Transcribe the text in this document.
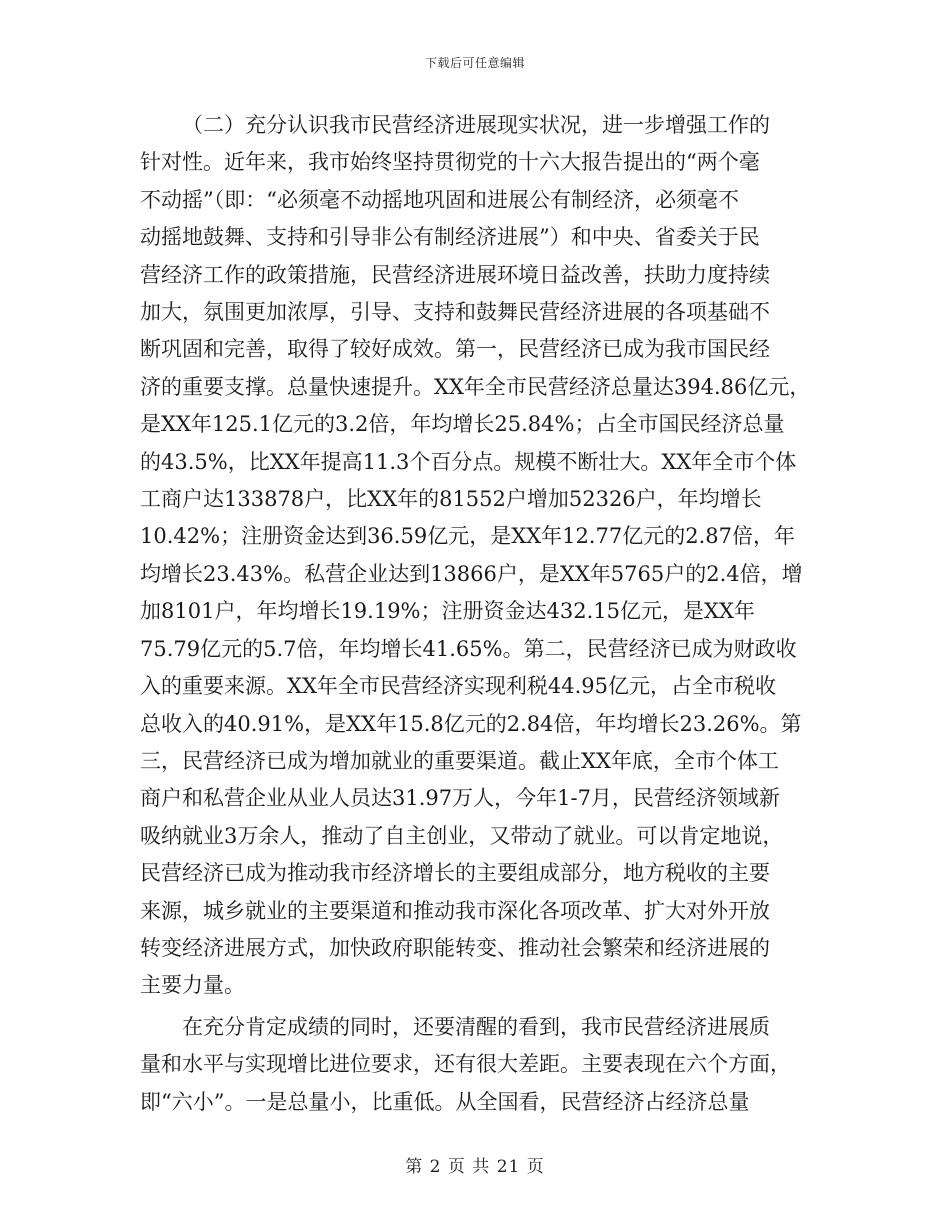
下载后可任意编辑

（二）充分认识我市民营经济进展现实状况，进一步增强工作的
针对性。近年来，我市始终坚持贯彻党的十六大报告提出的“两个毫
不动摇”（即：“必须毫不动摇地巩固和进展公有制经济，必须毫不
动摇地鼓舞、支持和引导非公有制经济进展”）和中央、省委关于民
营经济工作的政策措施，民营经济进展环境日益改善，扶助力度持续
加大，氛围更加浓厚，引导、支持和鼓舞民营经济进展的各项基础不
断巩固和完善，取得了较好成效。第一，民营经济已成为我市国民经
济的重要支撑。总量快速提升。XX年全市民营经济总量达394.86亿元，
是XX年125.1亿元的3.2倍，年均增长25.84%；占全市国民经济总量
的43.5%，比XX年提高11.3个百分点。规模不断壮大。XX年全市个体
工商户达133878户，比XX年的81552户增加52326户，年均增长
10.42%；注册资金达到36.59亿元，是XX年12.77亿元的2.87倍，年
均增长23.43%。私营企业达到13866户，是XX年5765户的2.4倍，增
加8101户，年均增长19.19%；注册资金达432.15亿元，是XX年
75.79亿元的5.7倍，年均增长41.65%。第二，民营经济已成为财政收
入的重要来源。XX年全市民营经济实现利税44.95亿元，占全市税收
总收入的40.91%，是XX年15.8亿元的2.84倍，年均增长23.26%。第
三，民营经济已成为增加就业的重要渠道。截止XX年底，全市个体工
商户和私营企业从业人员达31.97万人，今年1-7月，民营经济领域新
吸纳就业3万余人，推动了自主创业，又带动了就业。可以肯定地说，
民营经济已成为推动我市经济增长的主要组成部分，地方税收的主要
来源，城乡就业的主要渠道和推动我市深化各项改革、扩大对外开放
转变经济进展方式，加快政府职能转变、推动社会繁荣和经济进展的
主要力量。

在充分肯定成绩的同时，还要清醒的看到，我市民营经济进展质
量和水平与实现增比进位要求，还有很大差距。主要表现在六个方面，
即“六小”。一是总量小，比重低。从全国看，民营经济占经济总量

第 2 页 共 21 页
